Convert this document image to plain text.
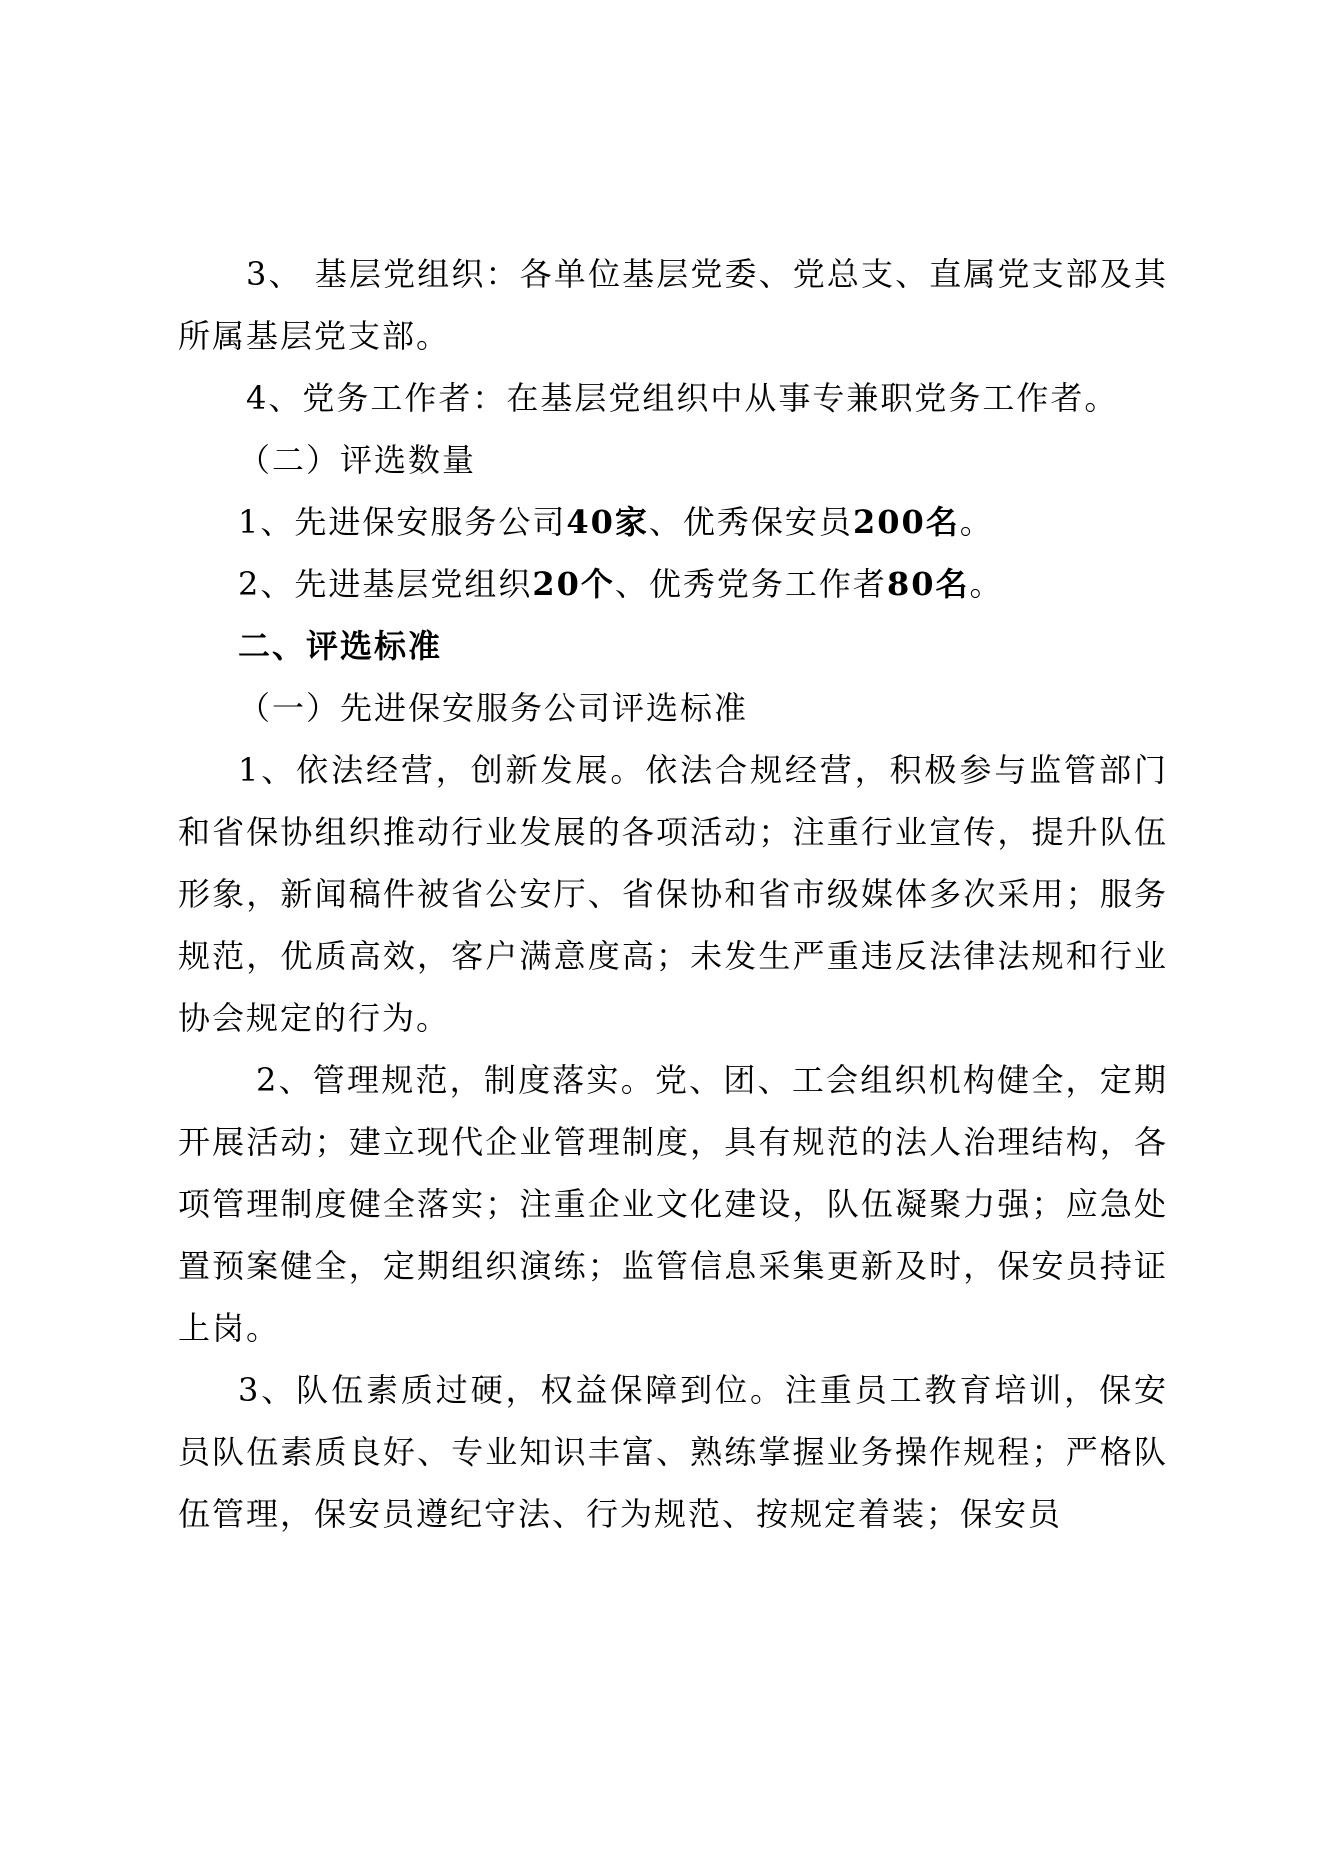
3、 基层党组织：各单位基层党委、党总支、直属党支部及其所属基层党支部。

4、党务工作者：在基层党组织中从事专兼职党务工作者。

（二）评选数量

1、先进保安服务公司40家、优秀保安员200名。

2、先进基层党组织20个、优秀党务工作者80名。

二、评选标准

（一）先进保安服务公司评选标准

1、依法经营，创新发展。依法合规经营，积极参与监管部门和省保协组织推动行业发展的各项活动；注重行业宣传，提升队伍形象，新闻稿件被省公安厅、省保协和省市级媒体多次采用；服务规范，优质高效，客户满意度高；未发生严重违反法律法规和行业协会规定的行为。

2、管理规范，制度落实。党、团、工会组织机构健全，定期开展活动；建立现代企业管理制度，具有规范的法人治理结构，各项管理制度健全落实；注重企业文化建设，队伍凝聚力强；应急处置预案健全，定期组织演练；监管信息采集更新及时，保安员持证上岗。

3、队伍素质过硬，权益保障到位。注重员工教育培训，保安员队伍素质良好、专业知识丰富、熟练掌握业务操作规程；严格队伍管理，保安员遵纪守法、行为规范、按规定着装；保安员
